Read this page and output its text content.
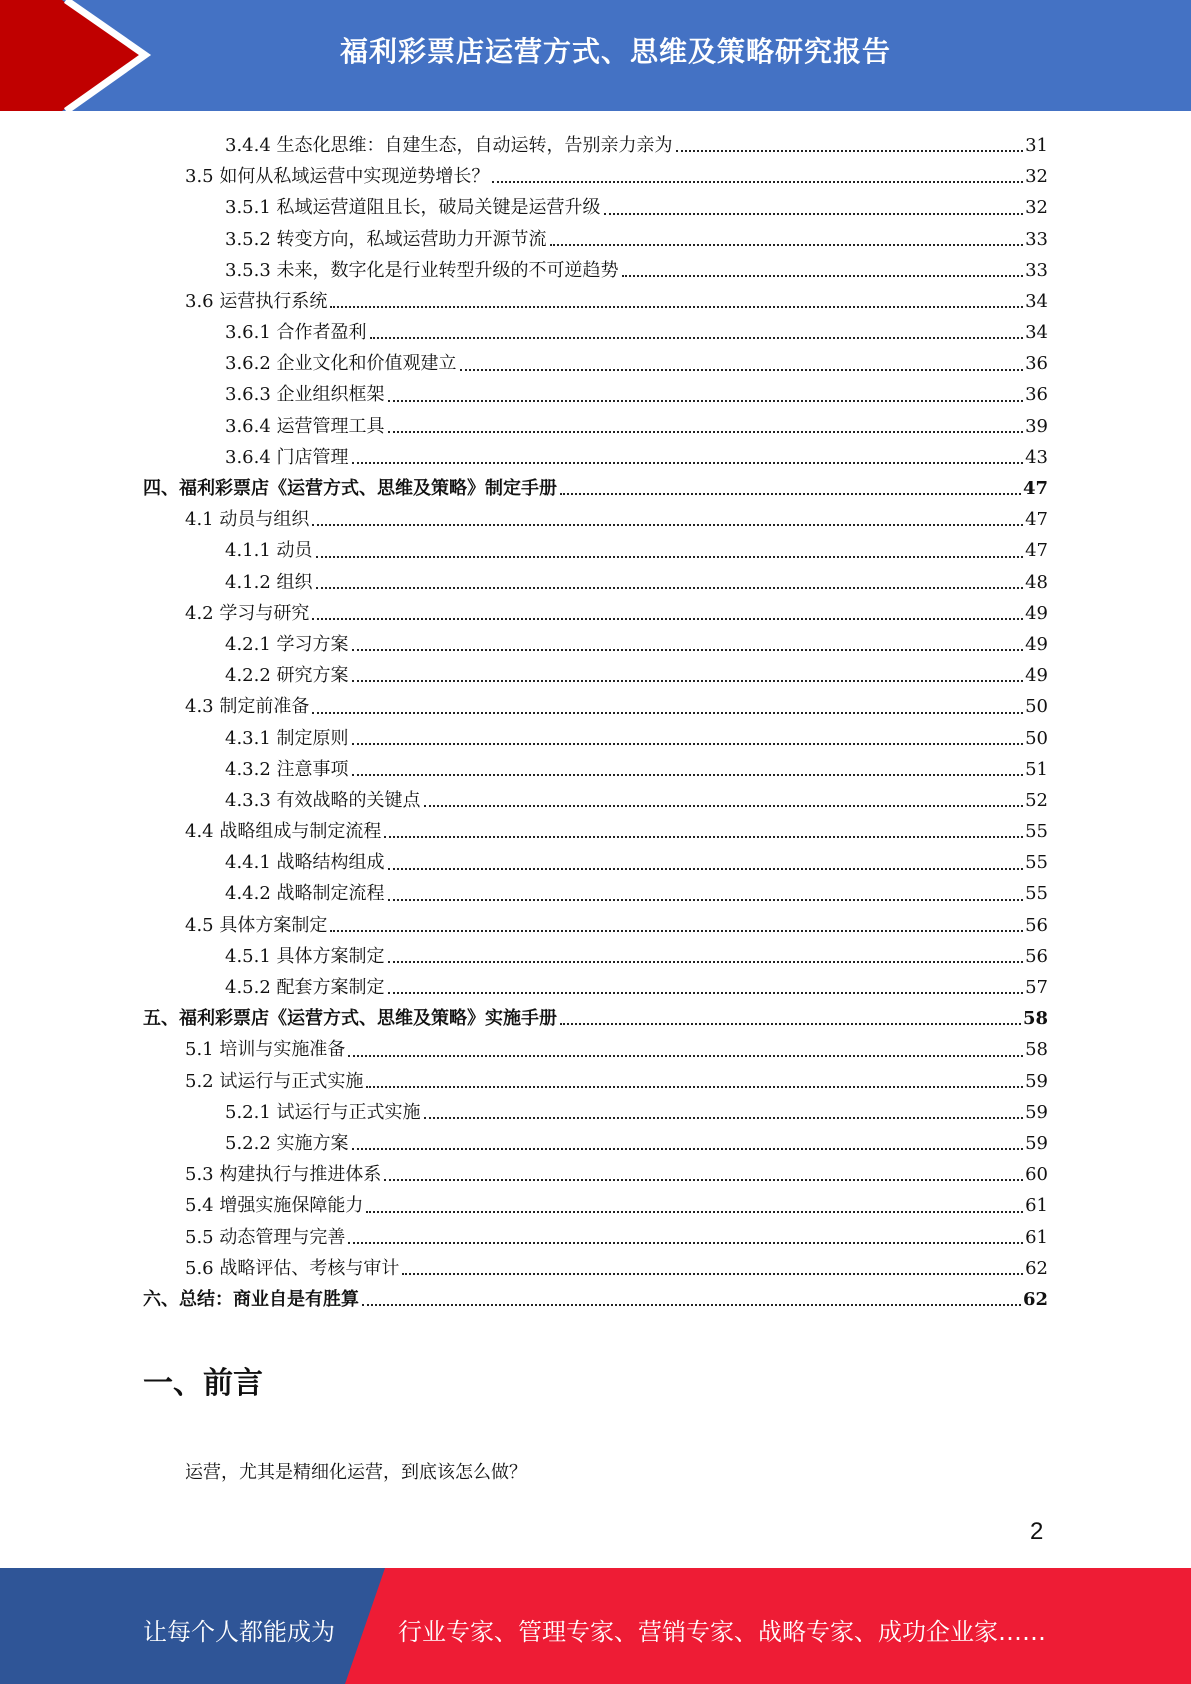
福利彩票店运营方式、思维及策略研究报告
3.4.4 生态化思维：自建生态，自动运转，告别亲力亲为	31
3.5 如何从私域运营中实现逆势增长？	32
3.5.1 私域运营道阻且长，破局关键是运营升级	32
3.5.2 转变方向，私域运营助力开源节流	33
3.5.3 未来，数字化是行业转型升级的不可逆趋势	33
3.6 运营执行系统	34
3.6.1 合作者盈利	34
3.6.2 企业文化和价值观建立	36
3.6.3 企业组织框架	36
3.6.4 运营管理工具	39
3.6.4 门店管理	43
四、福利彩票店《运营方式、思维及策略》制定手册	47
4.1 动员与组织	47
4.1.1 动员	47
4.1.2 组织	48
4.2 学习与研究	49
4.2.1 学习方案	49
4.2.2 研究方案	49
4.3 制定前准备	50
4.3.1 制定原则	50
4.3.2 注意事项	51
4.3.3 有效战略的关键点	52
4.4 战略组成与制定流程	55
4.4.1 战略结构组成	55
4.4.2 战略制定流程	55
4.5 具体方案制定	56
4.5.1 具体方案制定	56
4.5.2 配套方案制定	57
五、福利彩票店《运营方式、思维及策略》实施手册	58
5.1 培训与实施准备	58
5.2 试运行与正式实施	59
5.2.1 试运行与正式实施	59
5.2.2 实施方案	59
5.3 构建执行与推进体系	60
5.4 增强实施保障能力	61
5.5 动态管理与完善	61
5.6 战略评估、考核与审计	62
六、总结：商业自是有胜算	62
一、前言
运营，尤其是精细化运营，到底该怎么做？
2
让每个人都能成为	行业专家、管理专家、营销专家、战略专家、成功企业家……
